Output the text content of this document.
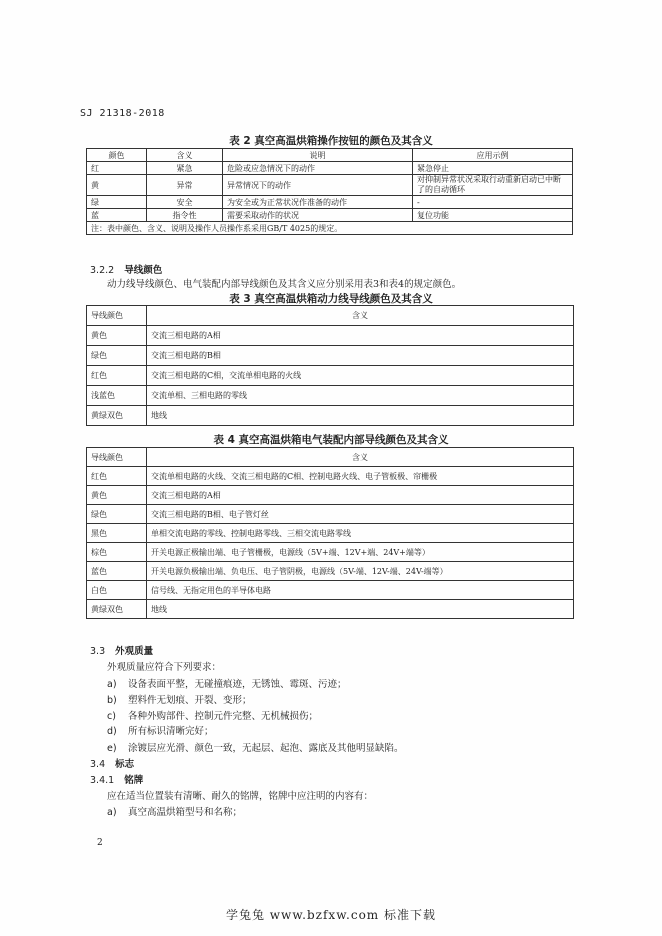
SJ 21318-2018
表 2 真空高温烘箱操作按钮的颜色及其含义
颜色	含义	说明	应用示例
红	紧急	危险或应急情况下的动作	紧急停止
黄	异常	异常情况下的动作	对抑制异常状况采取行动重新启动已中断了的自动循环
绿	安全	为安全或为正常状况作准备的动作	-
蓝	指令性	需要采取动作的状况	复位功能
注：表中颜色、含义、说明及操作人员操作系采用GB/T 4025的规定。			
3.2.2 导线颜色
动力线导线颜色、电气装配内部导线颜色及其含义应分别采用表3和表4的规定颜色。
表 3 真空高温烘箱动力线导线颜色及其含义
导线颜色	含义
黄色	交流三相电路的A相
绿色	交流三相电路的B相
红色	交流三相电路的C相，交流单相电路的火线
浅蓝色	交流单相、三相电路的零线
黄绿双色	地线
表 4 真空高温烘箱电气装配内部导线颜色及其含义
导线颜色	含义
红色	交流单相电路的火线、交流三相电路的C相、控制电路火线、电子管板极、帘栅极
黄色	交流三相电路的A相
绿色	交流三相电路的B相、电子管灯丝
黑色	单相交流电路的零线、控制电路零线、三相交流电路零线
棕色	开关电源正极输出端、电子管栅极，电源线（5V+端、12V+端、24V+端等）
蓝色	开关电源负极输出端、负电压、电子管阴极，电源线（5V-端、12V-端、24V-端等）
白色	信号线、无指定用色的半导体电路
黄绿双色	地线
3.3 外观质量
外观质量应符合下列要求：
a) 设备表面平整，无碰撞痕迹，无锈蚀、霉斑、污迹；
b) 塑料件无划痕、开裂、变形；
c) 各种外购部件、控制元件完整、无机械损伤；
d) 所有标识清晰完好；
e) 涂镀层应光滑、颜色一致，无起层、起泡、露底及其他明显缺陷。
3.4 标志
3.4.1 铭牌
应在适当位置装有清晰、耐久的铭牌，铭牌中应注明的内容有：
a) 真空高温烘箱型号和名称；
2
学兔兔 www.bzfxw.com 标准下载
